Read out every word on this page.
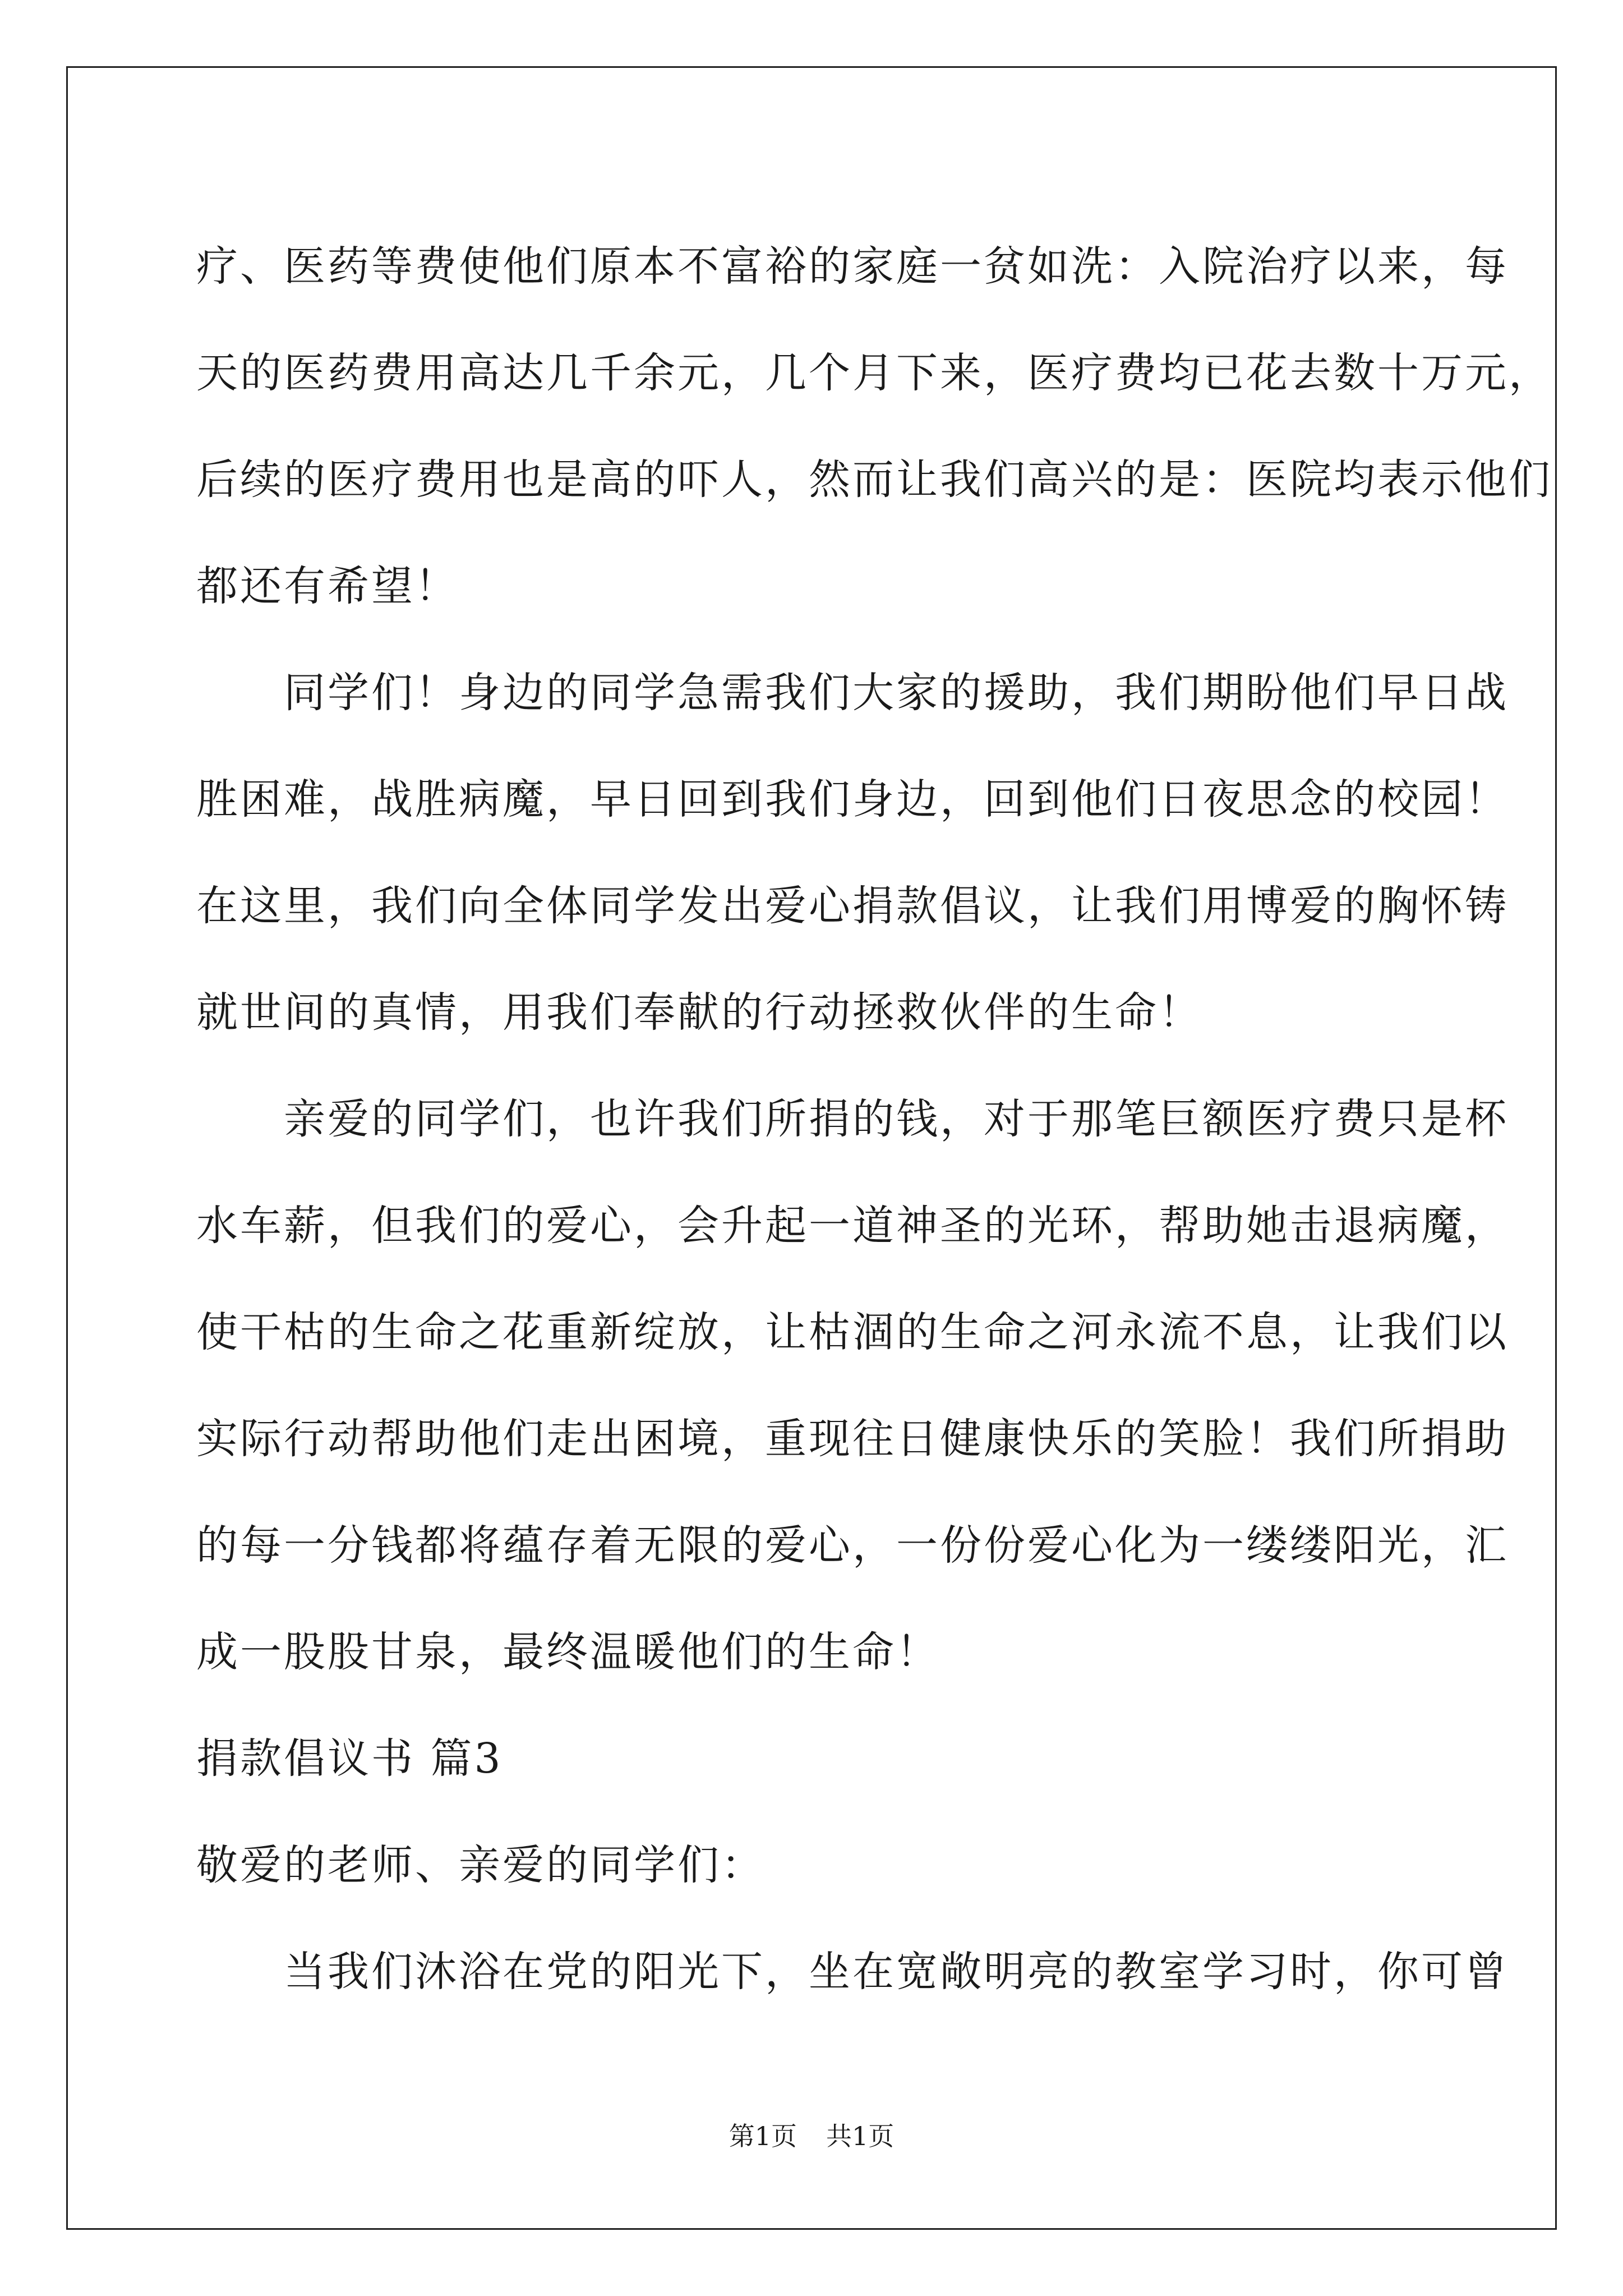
疗、医药等费使他们原本不富裕的家庭一贫如洗：入院治疗以来，每
天的医药费用高达几千余元，几个月下来，医疗费均已花去数十万元，
后续的医疗费用也是高的吓人，然而让我们高兴的是：医院均表示他们
都还有希望！
　　同学们！身边的同学急需我们大家的援助，我们期盼他们早日战
胜困难，战胜病魔，早日回到我们身边，回到他们日夜思念的校园！
在这里，我们向全体同学发出爱心捐款倡议，让我们用博爱的胸怀铸
就世间的真情，用我们奉献的行动拯救伙伴的生命！
　　亲爱的同学们，也许我们所捐的钱，对于那笔巨额医疗费只是杯
水车薪，但我们的爱心，会升起一道神圣的光环，帮助她击退病魔，
使干枯的生命之花重新绽放，让枯涸的生命之河永流不息，让我们以
实际行动帮助他们走出困境，重现往日健康快乐的笑脸！我们所捐助
的每一分钱都将蕴存着无限的爱心，一份份爱心化为一缕缕阳光，汇
成一股股甘泉，最终温暖他们的生命！
捐款倡议书 篇3
敬爱的老师、亲爱的同学们：
　　当我们沐浴在党的阳光下，坐在宽敞明亮的教室学习时，你可曾
第1页 共1页
